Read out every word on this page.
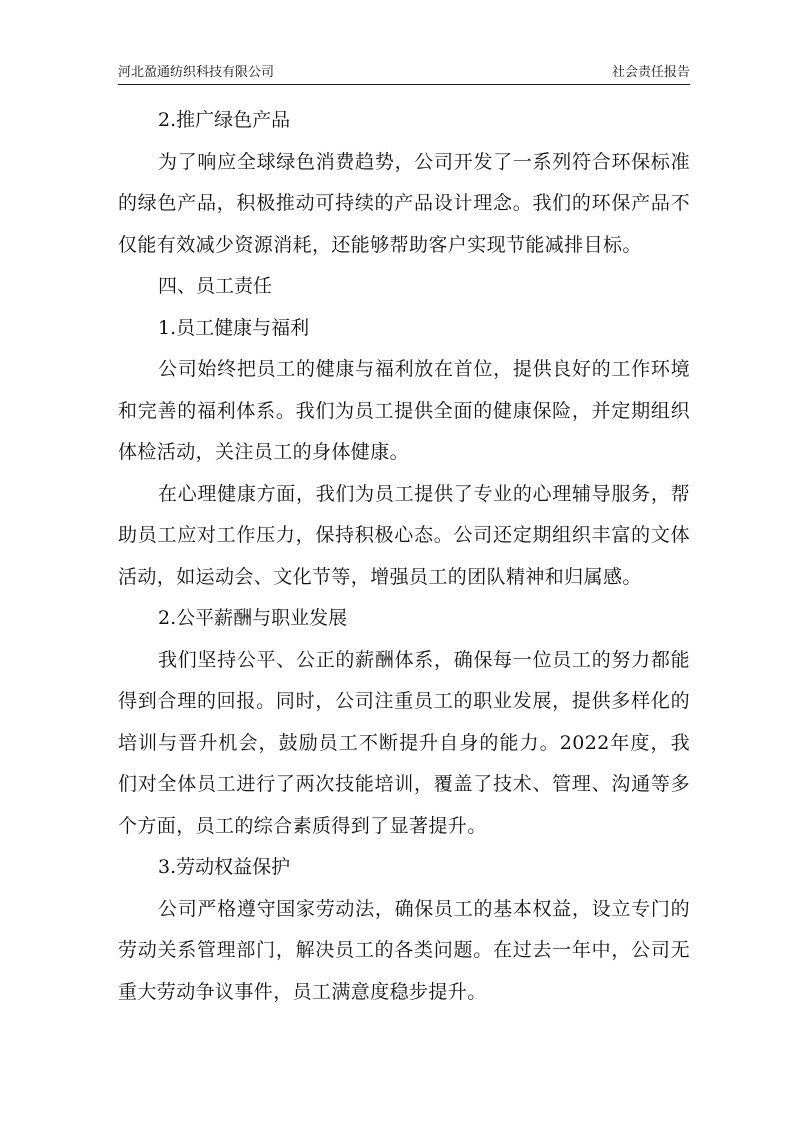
河北盈通纺织科技有限公司	社会责任报告

2.推广绿色产品

为了响应全球绿色消费趋势，公司开发了一系列符合环保标准的绿色产品，积极推动可持续的产品设计理念。我们的环保产品不仅能有效减少资源消耗，还能够帮助客户实现节能减排目标。

四、员工责任

1.员工健康与福利

公司始终把员工的健康与福利放在首位，提供良好的工作环境和完善的福利体系。我们为员工提供全面的健康保险，并定期组织体检活动，关注员工的身体健康。

在心理健康方面，我们为员工提供了专业的心理辅导服务，帮助员工应对工作压力，保持积极心态。公司还定期组织丰富的文体活动，如运动会、文化节等，增强员工的团队精神和归属感。

2.公平薪酬与职业发展

我们坚持公平、公正的薪酬体系，确保每一位员工的努力都能得到合理的回报。同时，公司注重员工的职业发展，提供多样化的培训与晋升机会，鼓励员工不断提升自身的能力。2022年度，我们对全体员工进行了两次技能培训，覆盖了技术、管理、沟通等多个方面，员工的综合素质得到了显著提升。

3.劳动权益保护

公司严格遵守国家劳动法，确保员工的基本权益，设立专门的劳动关系管理部门，解决员工的各类问题。在过去一年中，公司无重大劳动争议事件，员工满意度稳步提升。
